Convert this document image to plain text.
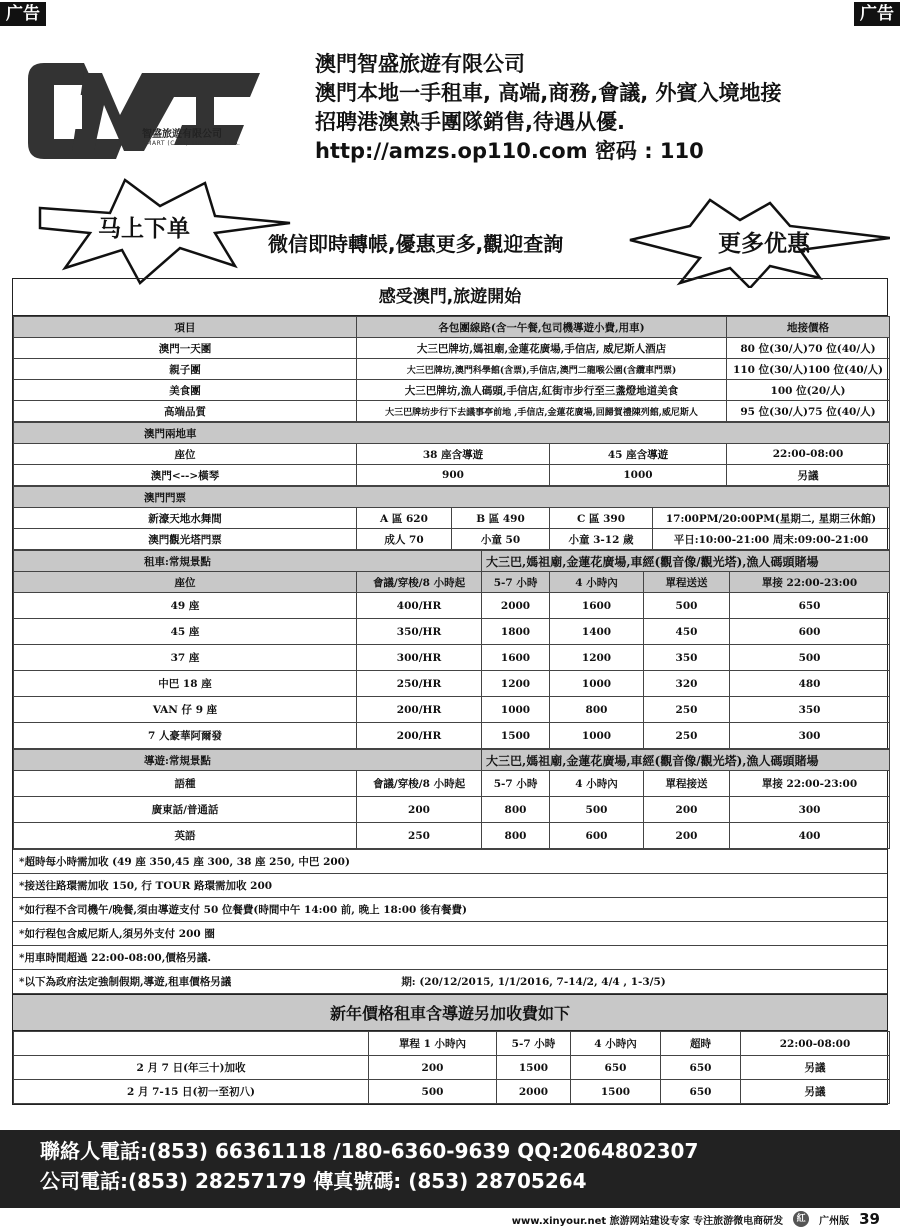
广告	广告
智盛旅遊有限公司
SMART (C&M) TURISMO LDA.
澳門智盛旅遊有限公司
澳門本地一手租車, 高端,商務,會議, 外賓入境地接
招聘港澳熟手團隊銷售,待遇从優.
http://amzs.op110.com 密码 : 110
马上下单
微信即時轉帳,優惠更多,觀迎查詢	更多优惠
感受澳門,旅遊開始
項目	各包團線路(含一午餐,包司機導遊小費,用車)	地接價格
澳門一天團	大三巴牌坊,媽祖廟,金蓮花廣場,手信店, 威尼斯人酒店	80 位(30/人)70 位(40/人)
親子團	大三巴牌坊,澳門科學館(含票),手信店,澳門二龍喉公園(含纜車門票)	110 位(30/人)100 位(40/人)
美食團	大三巴牌坊,漁人碼頭,手信店,紅街市步行至三盞燈地道美食	100 位(20/人)
高端品質	大三巴牌坊步行下去議事亭前地 ,手信店,金蓮花廣場,回歸賀禮陳列館,威尼斯人	95 位(30/人)75 位(40/人)
澳門兩地車			
座位	38 座含導遊	45 座含導遊	22:00-08:00
澳門<-->橫琴	900	1000	另議
澳門門票				
新濠天地水舞間	A 區 620	B 區 490	C 區 390	17:00PM/20:00PM(星期二, 星期三休館)
澳門觀光塔門票	成人 70	小童 50	小童 3-12 歲	平日:10:00-21:00 周末:09:00-21:00
租車:常規景點		大三巴,媽祖廟,金蓮花廣場,車經(觀音像/觀光塔),漁人碼頭賭場			
座位	會議/穿梭/8 小時起	5-7 小時	4 小時內	單程送送	單接 22:00-23:00
49 座	400/HR	2000	1600	500	650
45 座	350/HR	1800	1400	450	600
37 座	300/HR	1600	1200	350	500
中巴 18 座	250/HR	1200	1000	320	480
VAN 仔 9 座	200/HR	1000	800	250	350
7 人豪華阿爾發	200/HR	1500	1000	250	300
導遊:常規景點		大三巴,媽祖廟,金蓮花廣場,車經(觀音像/觀光塔),漁人碼頭賭場			
語種	會議/穿梭/8 小時起	5-7 小時	4 小時內	單程接送	單接 22:00-23:00
廣東話/普通話	200	800	500	200	300
英語	250	800	600	200	400
*超時每小時需加收 (49 座 350,45 座 300, 38 座 250, 中巴 200)
*接送往路環需加收 150, 行 TOUR 路環需加收 200
*如行程不含司機午/晚餐,須由導遊支付 50 位餐費(時間中午 14:00 前, 晚上 18:00 後有餐費)
*如行程包含威尼斯人,須另外支付 200 圈
*用車時間超過 22:00-08:00,價格另議.
*以下為政府法定強制假期,導遊,租車價格另議	期: (20/12/2015, 1/1/2016, 7-14/2, 4/4 , 1-3/5)
新年價格租車含導遊另加收費如下
	單程 1 小時內	5-7 小時	4 小時內	超時	22:00-08:00
2 月 7 日(年三十)加收	200	1500	650	650	另議
2 月 7-15 日(初一至初八)	500	2000	1500	650	另議
聯絡人電話:(853) 66361118 /180-6360-9639 QQ:2064802307
公司電話:(853) 28257179 傳真號碼: (853) 28705264
www.xinyour.net 旅游网站建设专家 专注旅游微电商研发	紅	广州版 39
